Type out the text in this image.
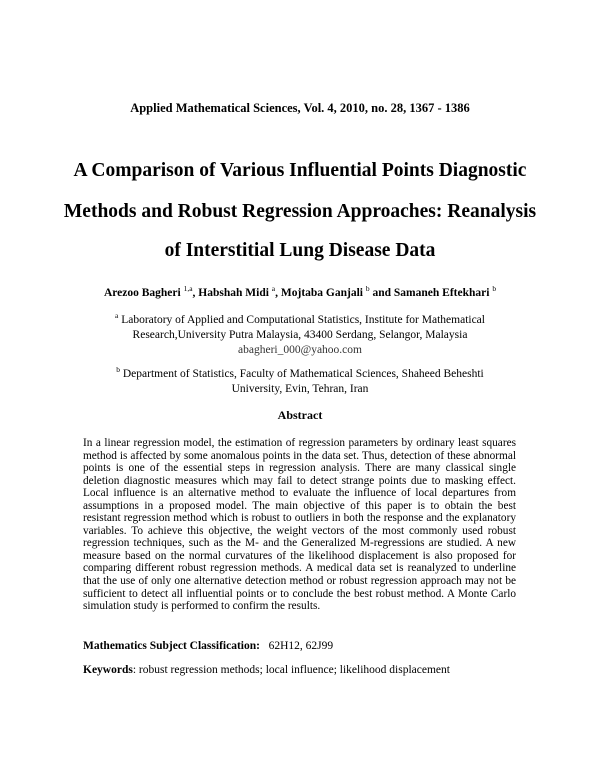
Applied Mathematical Sciences, Vol. 4, 2010, no. 28, 1367 - 1386
A Comparison of Various Influential Points Diagnostic
Methods and Robust Regression Approaches: Reanalysis
of Interstitial Lung Disease Data
Arezoo Bagheri $^{1,a}$, Habshah Midi $^a$, Mojtaba Ganjali $^b$ and Samaneh Eftekhari $^b$
$^a$ Laboratory of Applied and Computational Statistics, Institute for Mathematical Research,University Putra Malaysia, 43400 Serdang, Selangor, Malaysia
abagheri_000@yahoo.com
$^b$ Department of Statistics, Faculty of Mathematical Sciences, Shaheed Beheshti University, Evin, Tehran, Iran
Abstract

In a linear regression model, the estimation of regression parameters by ordinary least squares method is affected by some anomalous points in the data set. Thus, detection of these abnormal points is one of the essential steps in regression analysis. There are many classical single deletion diagnostic measures which may fail to detect strange points due to masking effect. Local influence is an alternative method to evaluate the influence of local departures from assumptions in a proposed model. The main objective of this paper is to obtain the best resistant regression method which is robust to outliers in both the response and the explanatory variables. To achieve this objective, the weight vectors of the most commonly used robust regression techniques, such as the M- and the Generalized M-regressions are studied. A new measure based on the normal curvatures of the likelihood displacement is also proposed for comparing different robust regression methods. A medical data set is reanalyzed to underline that the use of only one alternative detection method or robust regression approach may not be sufficient to detect all influential points or to conclude the best robust method. A Monte Carlo simulation study is performed to confirm the results.

Mathematics Subject Classification: 62H12, 62J99
Keywords: robust regression methods; local influence; likelihood displacement
